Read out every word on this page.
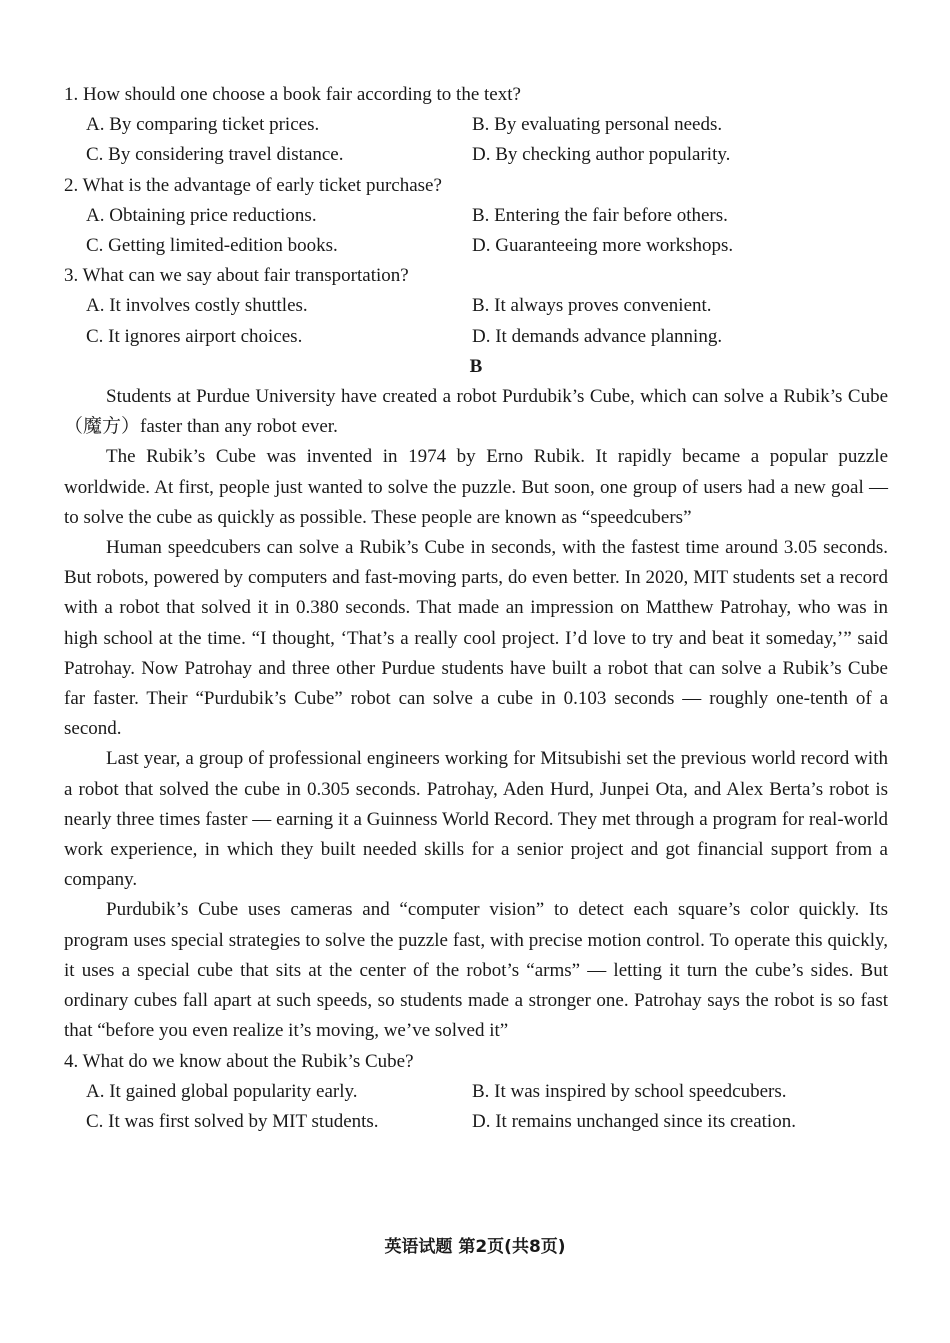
1. How should one choose a book fair according to the text?

A. By comparing ticket prices.	B. By evaluating personal needs.
C. By considering travel distance.	D. By checking author popularity.

2. What is the advantage of early ticket purchase?

A. Obtaining price reductions.	B. Entering the fair before others.
C. Getting limited-edition books.	D. Guaranteeing more workshops.

3. What can we say about fair transportation?

A. It involves costly shuttles.	B. It always proves convenient.
C. It ignores airport choices.	D. It demands advance planning.

B

Students at Purdue University have created a robot Purdubik’s Cube, which can solve a Rubik’s Cube（魔方）faster than any robot ever.

The Rubik’s Cube was invented in 1974 by Erno Rubik. It rapidly became a popular puzzle worldwide. At first, people just wanted to solve the puzzle. But soon, one group of users had a new goal — to solve the cube as quickly as possible. These people are known as “speedcubers”

Human speedcubers can solve a Rubik’s Cube in seconds, with the fastest time around 3.05 seconds. But robots, powered by computers and fast-moving parts, do even better. In 2020, MIT students set a record with a robot that solved it in 0.380 seconds. That made an impression on Matthew Patrohay, who was in high school at the time. “I thought, ‘That’s a really cool project. I’d love to try and beat it someday,’” said Patrohay. Now Patrohay and three other Purdue students have built a robot that can solve a Rubik’s Cube far faster. Their “Purdubik’s Cube” robot can solve a cube in 0.103 seconds — roughly one-tenth of a second.

Last year, a group of professional engineers working for Mitsubishi set the previous world record with a robot that solved the cube in 0.305 seconds. Patrohay, Aden Hurd, Junpei Ota, and Alex Berta’s robot is nearly three times faster — earning it a Guinness World Record. They met through a program for real-world work experience, in which they built needed skills for a senior project and got financial support from a company.

Purdubik’s Cube uses cameras and “computer vision” to detect each square’s color quickly. Its program uses special strategies to solve the puzzle fast, with precise motion control. To operate this quickly, it uses a special cube that sits at the center of the robot’s “arms” — letting it turn the cube’s sides. But ordinary cubes fall apart at such speeds, so students made a stronger one. Patrohay says the robot is so fast that “before you even realize it’s moving, we’ve solved it”

4. What do we know about the Rubik’s Cube?

A. It gained global popularity early.	B. It was inspired by school speedcubers.
C. It was first solved by MIT students.	D. It remains unchanged since its creation.
英语试题 第2页(共8页)
